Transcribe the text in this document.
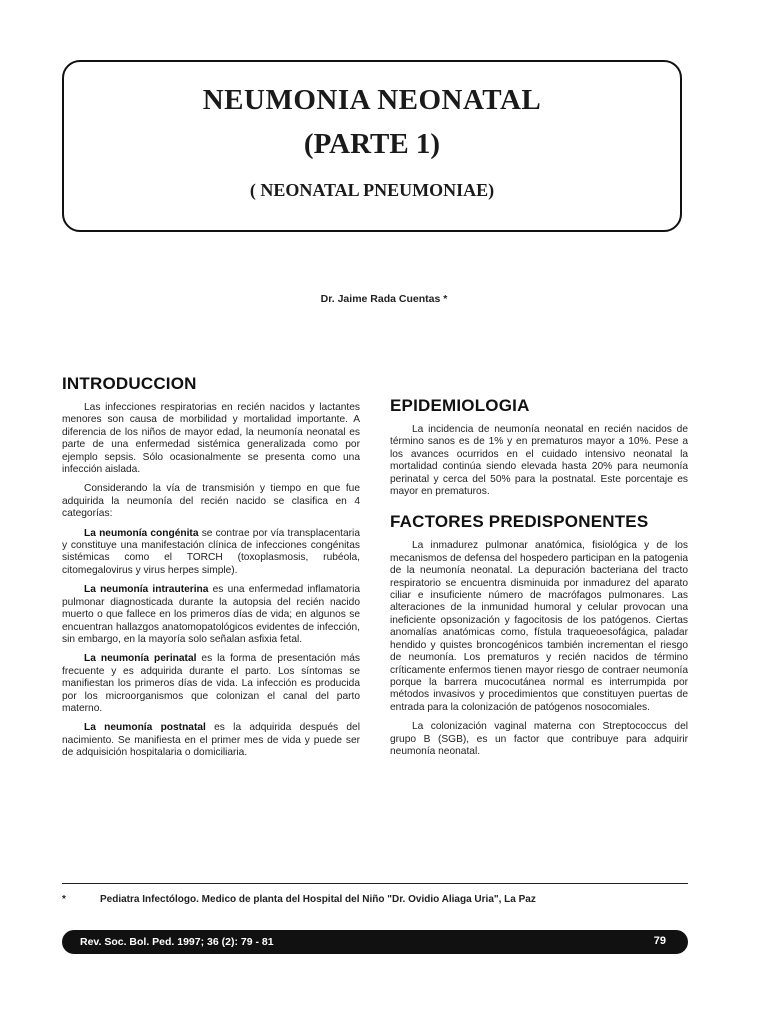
NEUMONIA NEONATAL
(PARTE 1)
( NEONATAL PNEUMONIAE)
Dr. Jaime Rada Cuentas *
INTRODUCCION

Las infecciones respiratorias en recién nacidos y lactantes menores son causa de morbilidad y mortalidad importante. A diferencia de los niños de mayor edad, la neumonía neonatal es parte de una enfermedad sistémica generalizada como por ejemplo sepsis. Sólo ocasionalmente se presenta como una infección aislada.

Considerando la vía de transmisión y tiempo en que fue adquirida la neumonía del recién nacido se clasifica en 4 categorías:

La neumonía congénita se contrae por vía transplacentaria y constituye una manifestación clínica de infecciones congénitas sistémicas como el TORCH (toxoplasmosis, rubéola, citomegalovirus y virus herpes simple).

La neumonía intrauterina es una enfermedad inflamatoria pulmonar diagnosticada durante la autopsia del recién nacido muerto o que fallece en los primeros días de vida; en algunos se encuentran hallazgos anatomopatológicos evidentes de infección, sin embargo, en la mayoría solo señalan asfixia fetal.

La neumonía perinatal es la forma de presentación más frecuente y es adquirida durante el parto. Los síntomas se manifiestan los primeros días de vida. La infección es producida por los microorganismos que colonizan el canal del parto materno.

La neumonía postnatal es la adquirida después del nacimiento. Se manifiesta en el primer mes de vida y puede ser de adquisición hospitalaria o domiciliaria.

EPIDEMIOLOGIA

La incidencia de neumonía neonatal en recién nacidos de término sanos es de 1% y en prematuros mayor a 10%. Pese a los avances ocurridos en el cuidado intensivo neonatal la mortalidad continúa siendo elevada hasta 20% para neumonía perinatal y cerca del 50% para la postnatal. Este porcentaje es mayor en prematuros.

FACTORES PREDISPONENTES

La inmadurez pulmonar anatómica, fisiológica y de los mecanismos de defensa del hospedero participan en la patogenia de la neumonía neonatal. La depuración bacteriana del tracto respiratorio se encuentra disminuida por inmadurez del aparato ciliar e insuficiente número de macrófagos pulmonares. Las alteraciones de la inmunidad humoral y celular provocan una ineficiente opsonización y fagocitosis de los patógenos. Ciertas anomalías anatómicas como, fístula traqueoesofágica, paladar hendido y quistes broncogénicos también incrementan el riesgo de neumonía. Los prematuros y recién nacidos de término críticamente enfermos tienen mayor riesgo de contraer neumonía porque la barrera mucocutánea normal es interrumpida por métodos invasivos y procedimientos que constituyen puertas de entrada para la colonización de patógenos nosocomiales.

La colonización vaginal materna con Streptococcus del grupo B (SGB), es un factor que contribuye para adquirir neumonía neonatal.

*	Pediatra Infectólogo. Medico de planta del Hospital del Niño "Dr. Ovidio Aliaga Uria", La Paz
Rev. Soc. Bol. Ped. 1997; 36 (2): 79 - 81	79
